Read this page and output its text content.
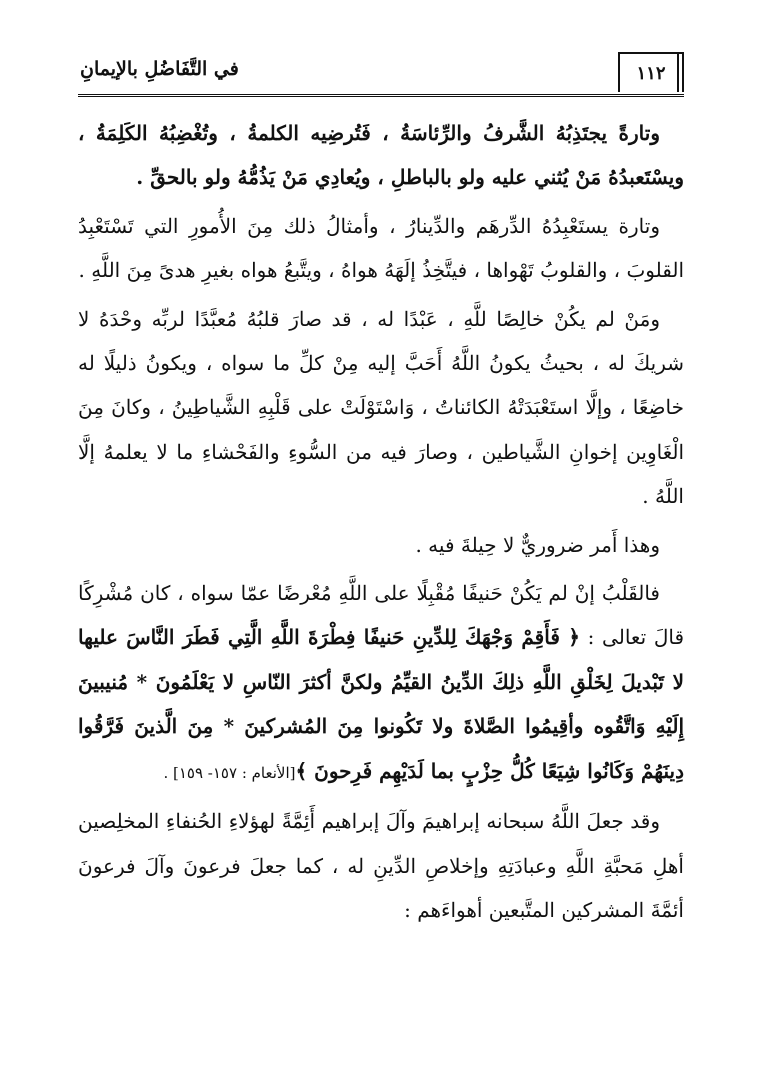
١١٢
في التَّفَاضُلِ بالإيمانِ

وتارةً يجتَذِبُهُ الشَّرفُ والرِّئاسَةُ ، فَتُرضِيه الكلمةُ ، وتُغْضِبُهُ الكَلِمَةُ ، ويسْتَعبدُهُ مَنْ يُثني عليه ولو بالباطلِ ، ويُعادِي مَنْ يَذُمُّهُ ولو بالحقِّ .

وتارة يستَعْبِدُهُ الدِّرهَم والدِّينارُ ، وأمثالُ ذلك مِنَ الأُمورِ التي تَسْتَعْبِدُ القلوبَ ، والقلوبُ تَهْواها ، فيتَّخِذُ إلَهَهُ هواهُ ، ويتَّبعُ هواه بغيرِ هدىً مِنَ اللَّهِ .

ومَنْ لم يكُنْ خالِصًا للَّهِ ، عَبْدًا له ، قد صارَ قلبُهُ مُعبَّدًا لربِّه وحْدَهُ لا شريكَ له ، بحيثُ يكونُ اللَّهُ أَحَبَّ إليه مِنْ كلِّ ما سواه ، ويكونُ ذليلًا له خاضِعًا ، وإلَّا استَعْبَدَتْهُ الكائناتُ ، وَاسْتَوْلَتْ على قَلْبِهِ الشَّياطِينُ ، وكانَ مِنَ الْغَاوِين إخوانِ الشَّياطين ، وصارَ فيه من السُّوءِ والفَحْشاءِ ما لا يعلمهُ إلَّا اللَّهُ .

وهذا أَمر ضروريٌّ لا حِيلةَ فيه .

فالقَلْبُ إنْ لم يَكُنْ حَنيفًا مُقْبِلًا على اللَّهِ مُعْرضًا عمّا سواه ، كان مُشْرِكًا قالَ تعالى : ﴿ فَأَقِمْ وَجْهَكَ لِلدِّينِ حَنيفًا فِطْرَةَ اللَّهِ الَّتِي فَطَرَ النَّاسَ عليها لا تَبْديلَ لِخَلْقِ اللَّهِ ذلِكَ الدِّينُ القيِّمُ ولكنَّ أكثرَ النّاسِ لا يَعْلَمُونَ * مُنيبينَ إِلَيْهِ وَاتَّقُوه وأقِيمُوا الصَّلاةَ ولا تَكُونوا مِنَ المُشركينَ * مِنَ الَّذينَ فَرَّقُوا دِينَهُمْ وَكَانُوا شِيَعًا كُلُّ حِزْبٍ بما لَدَيْهِم فَرِحونَ ﴾[الأنعام : ١٥٧- ١٥٩] .

وقد جعلَ اللَّهُ سبحانه إبراهيمَ وآلَ إبراهيم أَئِمَّةً لهؤلاءِ الحُنفاءِ المخلِصين أهلِ مَحبَّةِ اللَّهِ وعبادَتِهِ وإخلاصِ الدِّينِ له ، كما جعلَ فرعونَ وآلَ فرعونَ أئمَّةَ المشركين المتَّبعين أهواءَهم :
